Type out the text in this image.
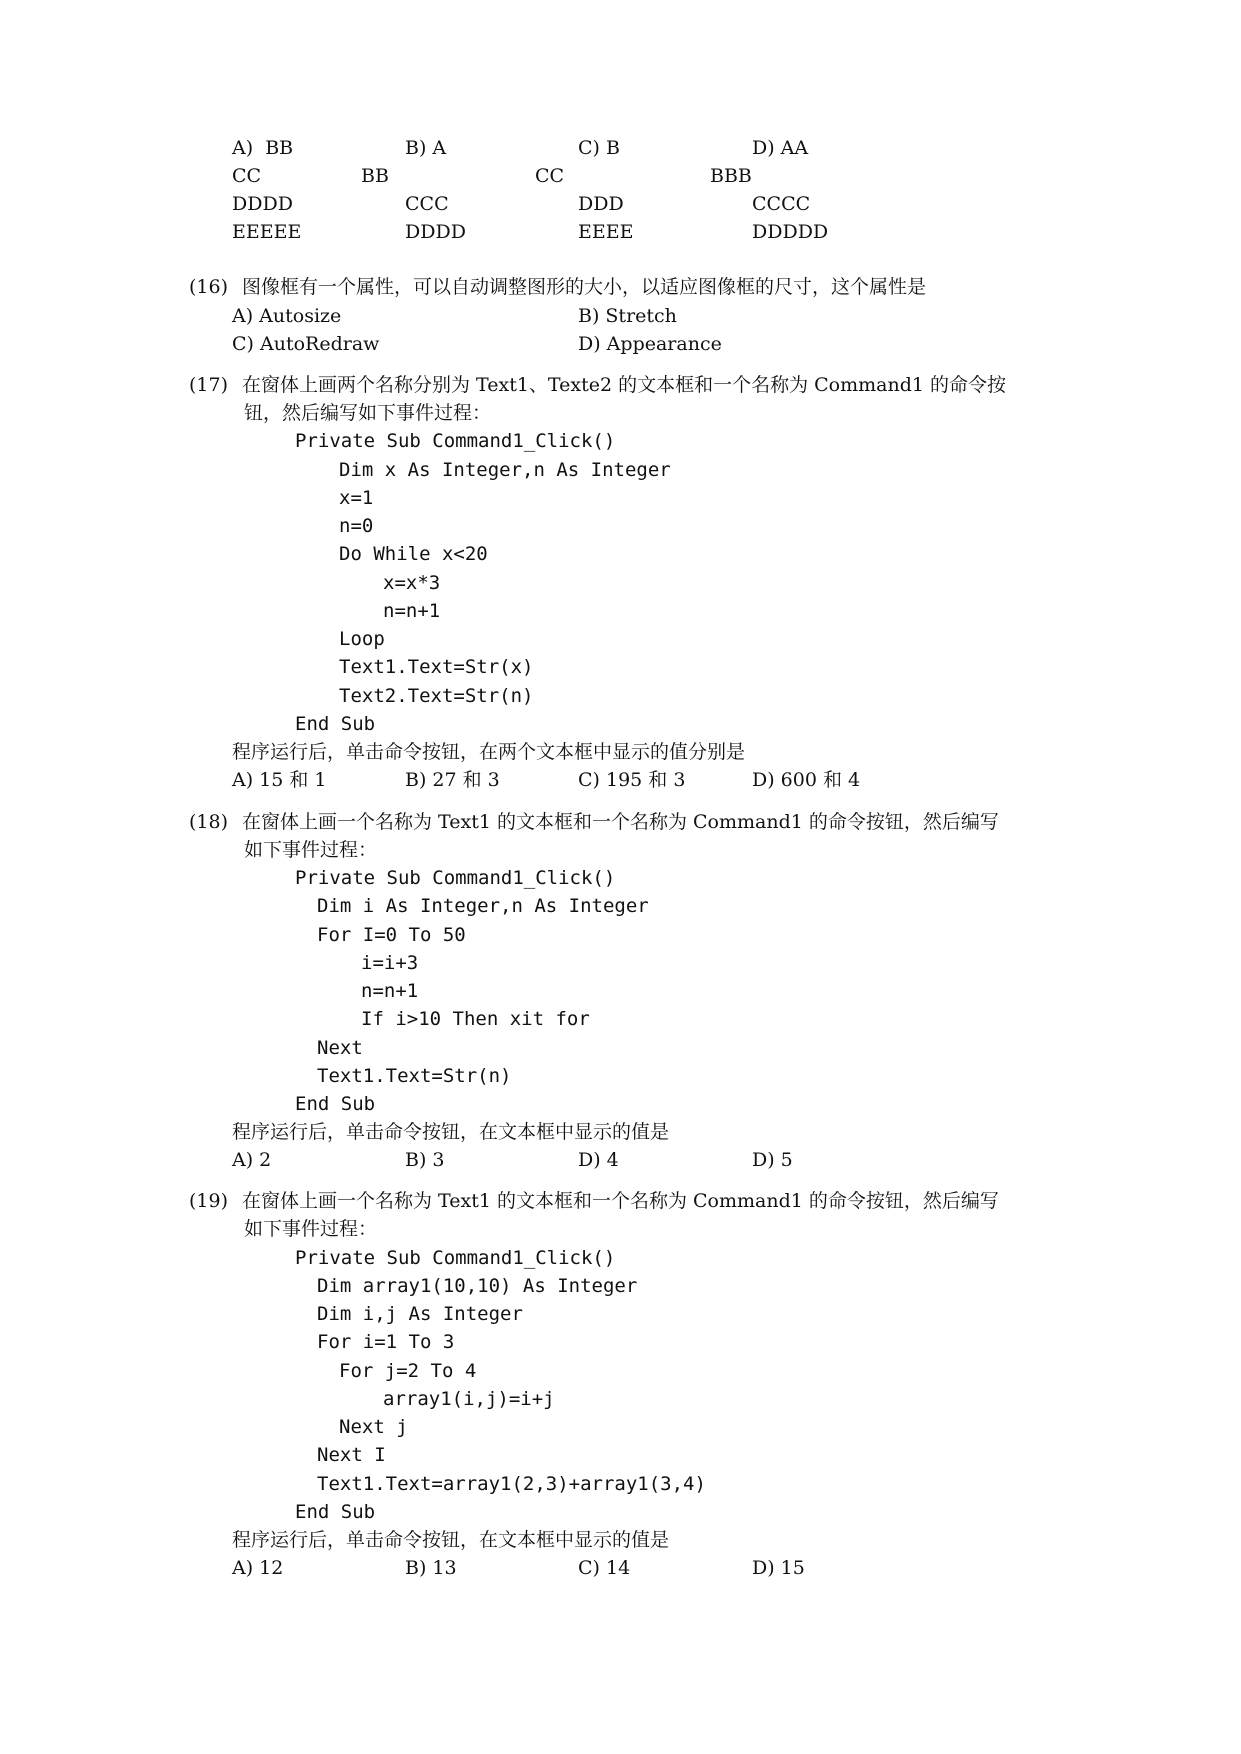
A)  BB	B) A	C) B	D) AA
CC	BB	CC	BBB
DDDD	CCC	DDD	CCCC
EEEEE	DDDD	EEEE	DDDDD
(16) 图像框有一个属性，可以自动调整图形的大小，以适应图像框的尺寸，这个属性是
A) Autosize	B) Stretch
C) AutoRedraw	D) Appearance
(17) 在窗体上画两个名称分别为 Text1、Texte2 的文本框和一个名称为 Command1 的命令按
钮，然后编写如下事件过程：
Private Sub Command1_Click()
Dim x As Integer,n As Integer
x=1
n=0
Do While x<20
x=x*3
n=n+1
Loop
Text1.Text=Str(x)
Text2.Text=Str(n)
End Sub
程序运行后，单击命令按钮，在两个文本框中显示的值分别是
A) 15 和 1	B) 27 和 3	C) 195 和 3	D) 600 和 4
(18) 在窗体上画一个名称为 Text1 的文本框和一个名称为 Command1 的命令按钮，然后编写
如下事件过程：
Private Sub Command1_Click()
Dim i As Integer,n As Integer
For I=0 To 50
i=i+3
n=n+1
If i>10 Then xit for
Next
Text1.Text=Str(n)
End Sub
程序运行后，单击命令按钮，在文本框中显示的值是
A) 2	B) 3	D) 4	D) 5
(19) 在窗体上画一个名称为 Text1 的文本框和一个名称为 Command1 的命令按钮，然后编写
如下事件过程：
Private Sub Command1_Click()
Dim array1(10,10) As Integer
Dim i,j As Integer
For i=1 To 3
For j=2 To 4
array1(i,j)=i+j
Next j
Next I
Text1.Text=array1(2,3)+array1(3,4)
End Sub
程序运行后，单击命令按钮，在文本框中显示的值是
A) 12	B) 13	C) 14	D) 15
